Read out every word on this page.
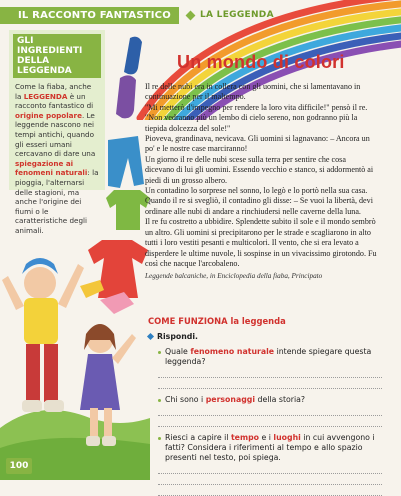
IL RACCONTO FANTASTICO	LA LEGGENDA
GLI INGREDIENTI
DELLA LEGGENDA
Come la fiaba, anche la LEGGENDA è un racconto fantastico di origine popolare. Le leggende nascono nei tempi antichi, quando gli esseri umani cercavano di dare una spiegazione ai fenomeni naturali: la pioggia, l'alternarsi delle stagioni, ma anche l'origine dei fiumi o le caratteristiche degli animali.
Un mondo di colori

Il re delle nubi era in collera con gli uomini, che si lamentavano in continuazione per il maltempo.

"Mi metterò d'impegno per rendere la loro vita difficile!" pensò il re. "Non vedranno più un lembo di cielo sereno, non godranno più la tiepida dolcezza del sole!"

Pioveva, grandinava, nevicava. Gli uomini si lagnavano: – Ancora un po' e le nostre case marciranno!

Un giorno il re delle nubi scese sulla terra per sentire che cosa dicevano di lui gli uomini. Essendo vecchio e stanco, si addormentò ai piedi di un grosso albero.

Un contadino lo sorprese nel sonno, lo legò e lo portò nella sua casa. Quando il re si svegliò, il contadino gli disse: – Se vuoi la libertà, devi ordinare alle nubi di andare a rinchiudersi nelle caverne della luna.

Il re fu costretto a ubbidire. Splendette subito il sole e il mondo sembrò un altro. Gli uomini si precipitarono per le strade e scagliarono in alto tutti i loro vestiti pesanti e multicolori. Il vento, che si era levato a disperdere le ultime nuvole, li sospinse in un vivacissimo girotondo. Fu così che nacque l'arcobaleno.

Leggende balcaniche, in Enciclopedia della fiaba, Principato

COME FUNZIONA la leggenda
Rispondi.
Quale fenomeno naturale intende spiegare questa leggenda?
Chi sono i personaggi della storia?
Riesci a capire il tempo e i luoghi in cui avvengono i fatti? Considera i riferimenti al tempo e allo spazio presenti nel testo, poi spiega.
100
